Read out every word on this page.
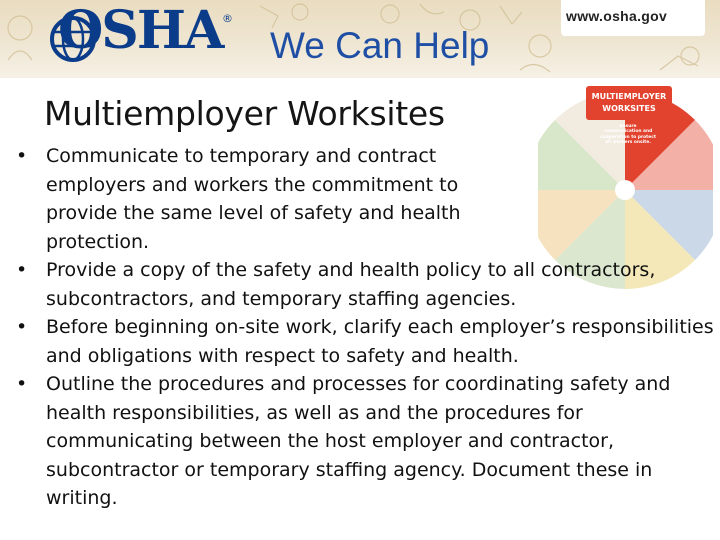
OSHA ®
We Can Help
www.osha.gov
MULTIEMPLOYER
WORKSITES
Ensure communication and cooperation to protect all workers onsite.
Multiemployer Worksites
• Communicate to temporary and contract employers and workers the commitment to provide the same level of safety and health protection.
• Provide a copy of the safety and health policy to all contractors, subcontractors, and temporary staffing agencies.
• Before beginning on-site work, clarify each employer’s responsibilities and obligations with respect to safety and health.
• Outline the procedures and processes for coordinating safety and health responsibilities, as well as and the procedures for communicating between the host employer and contractor, subcontractor or temporary staffing agency. Document these in writing.
